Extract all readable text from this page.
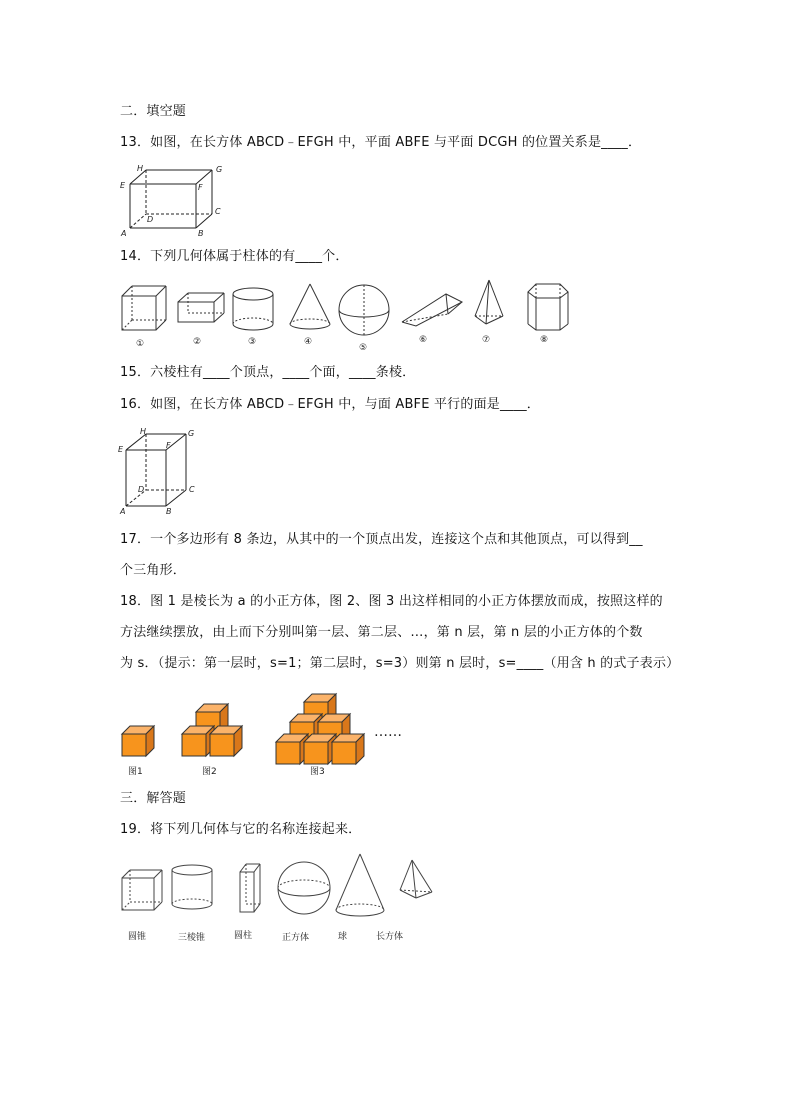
二．填空题
13．如图，在长方体 ABCD﹣EFGH 中，平面 ABFE 与平面 DCGH 的位置关系是____．
H	G
E	F
D
C
A	B
14．下列几何体属于柱体的有____个．
①	②	③	④
⑤
⑥	⑦	⑧
15．六棱柱有____个顶点，____个面，____条棱．
16．如图，在长方体 ABCD﹣EFGH 中，与面 ABFE 平行的面是____．
H	G
E	F
D	C
A	B
17．一个多边形有 8 条边，从其中的一个顶点出发，连接这个点和其他顶点，可以得到__
个三角形．
18．图 1 是棱长为 a 的小正方体，图 2、图 3 出这样相同的小正方体摆放而成，按照这样的
方法继续摆放，由上而下分别叫第一层、第二层、…，第 n 层，第 n 层的小正方体的个数
为 s．（提示：第一层时，s=1；第二层时，s=3）则第 n 层时，s=____（用含 h 的式子表示）
……
图1	图2	图3
三．解答题
19．将下列几何体与它的名称连接起来．
圆锥	三棱锥	圆柱	正方体	球	长方体
